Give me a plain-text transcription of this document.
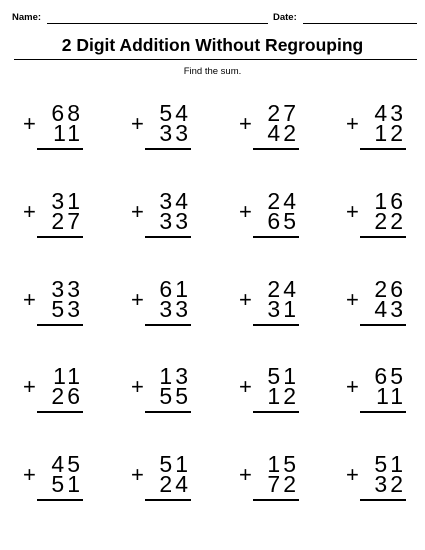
Name:	Date:
2 Digit Addition Without Regrouping
Find the sum.
68
+ 11
54
+ 33
27
+ 42
43
+ 12
31
+ 27
34
+ 33
24
+ 65
16
+ 22
33
+ 53
61
+ 33
24
+ 31
26
+ 43
11
+ 26
13
+ 55
51
+ 12
65
+ 11
45
+ 51
51
+ 24
15
+ 72
51
+ 32
